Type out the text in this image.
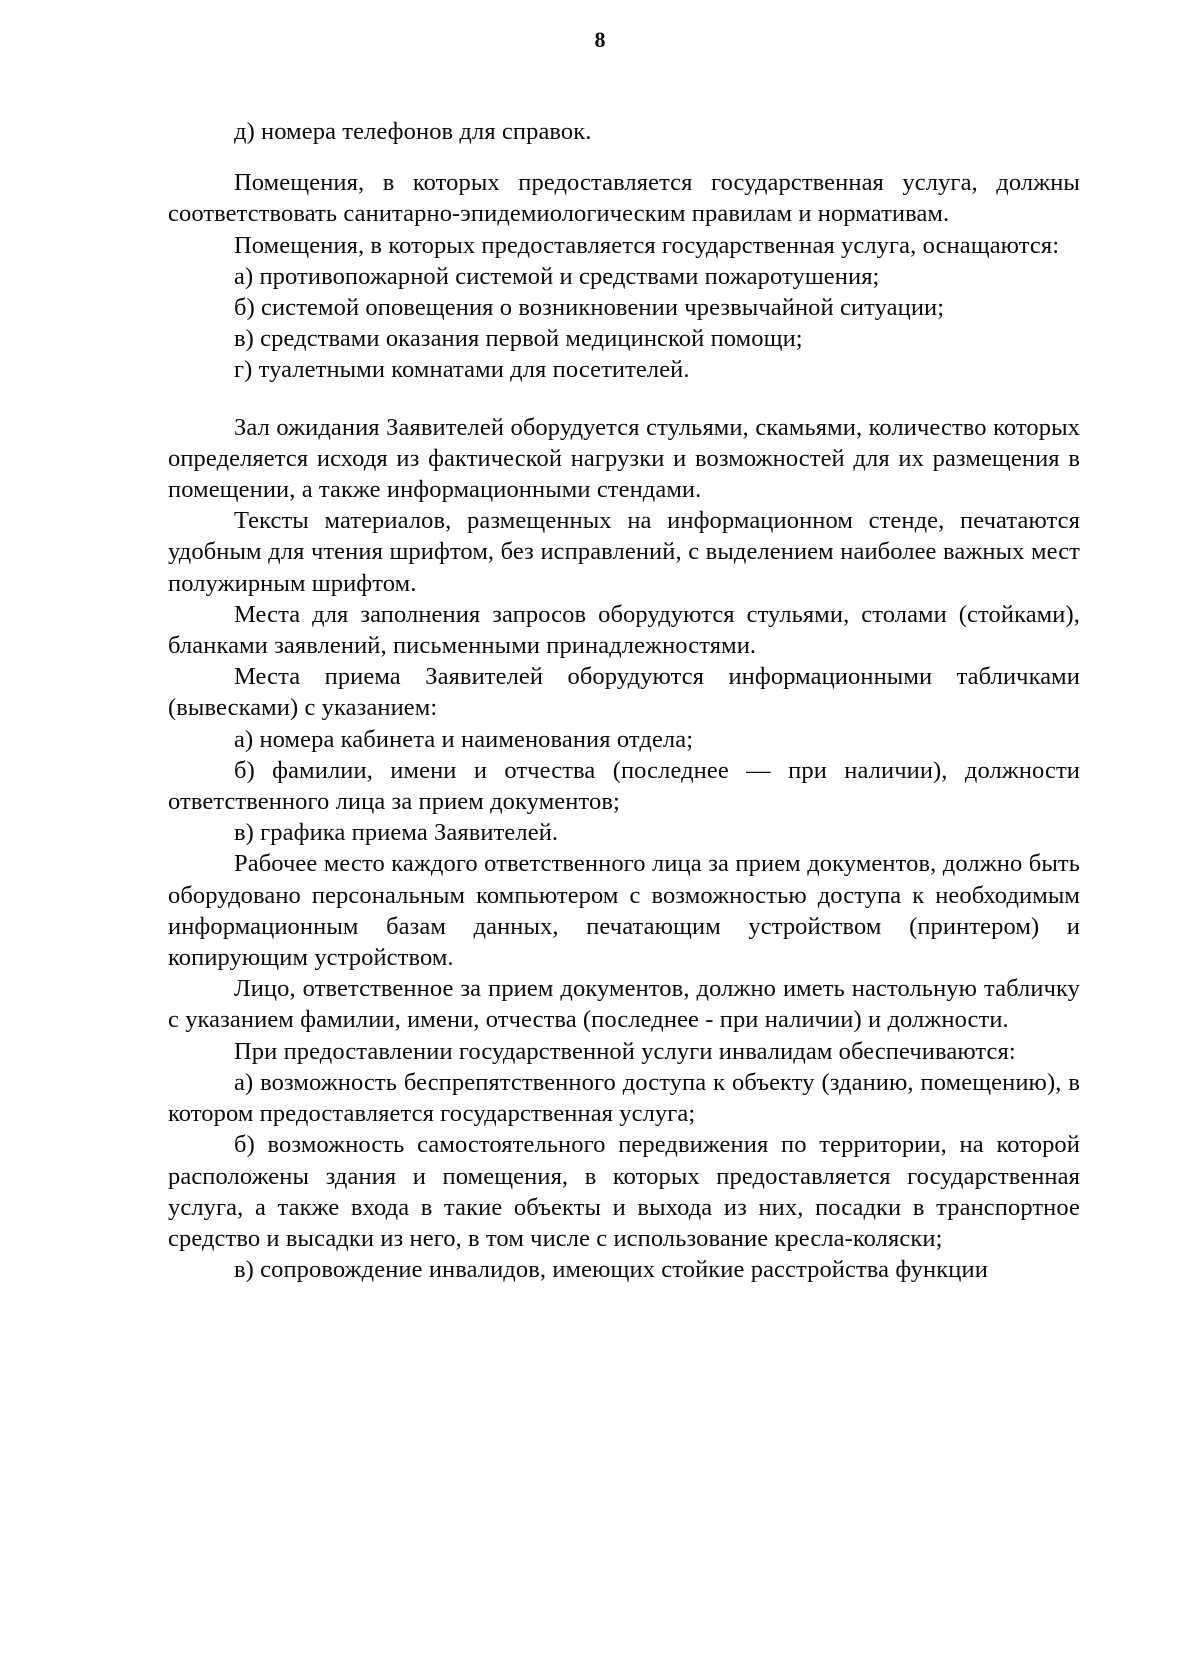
8

д) номера телефонов для справок.

Помещения, в которых предоставляется государственная услуга, должны соответствовать санитарно-эпидемиологическим правилам и нормативам.

Помещения, в которых предоставляется государственная услуга, оснащаются:

а) противопожарной системой и средствами пожаротушения;

б) системой оповещения о возникновении чрезвычайной ситуации;

в) средствами оказания первой медицинской помощи;

г) туалетными комнатами для посетителей.

Зал ожидания Заявителей оборудуется стульями, скамьями, количество которых определяется исходя из фактической нагрузки и возможностей для их размещения в помещении, а также информационными стендами.

Тексты материалов, размещенных на информационном стенде, печатаются удобным для чтения шрифтом, без исправлений, с выделением наиболее важных мест полужирным шрифтом.

Места для заполнения запросов оборудуются стульями, столами (стойками), бланками заявлений, письменными принадлежностями.

Места приема Заявителей оборудуются информационными табличками (вывесками) с указанием:

а) номера кабинета и наименования отдела;

б) фамилии, имени и отчества (последнее — при наличии), должности ответственного лица за прием документов;

в) графика приема Заявителей.

Рабочее место каждого ответственного лица за прием документов, должно быть оборудовано персональным компьютером с возможностью доступа к необходимым информационным базам данных, печатающим устройством (принтером) и копирующим устройством.

Лицо, ответственное за прием документов, должно иметь настольную табличку с указанием фамилии, имени, отчества (последнее - при наличии) и должности.

При предоставлении государственной услуги инвалидам обеспечиваются:

а) возможность беспрепятственного доступа к объекту (зданию, помещению), в котором предоставляется государственная услуга;

б) возможность самостоятельного передвижения по территории, на которой расположены здания и помещения, в которых предоставляется государственная услуга, а также входа в такие объекты и выхода из них, посадки в транспортное средство и высадки из него, в том числе с использование кресла-коляски;

в) сопровождение инвалидов, имеющих стойкие расстройства функции
